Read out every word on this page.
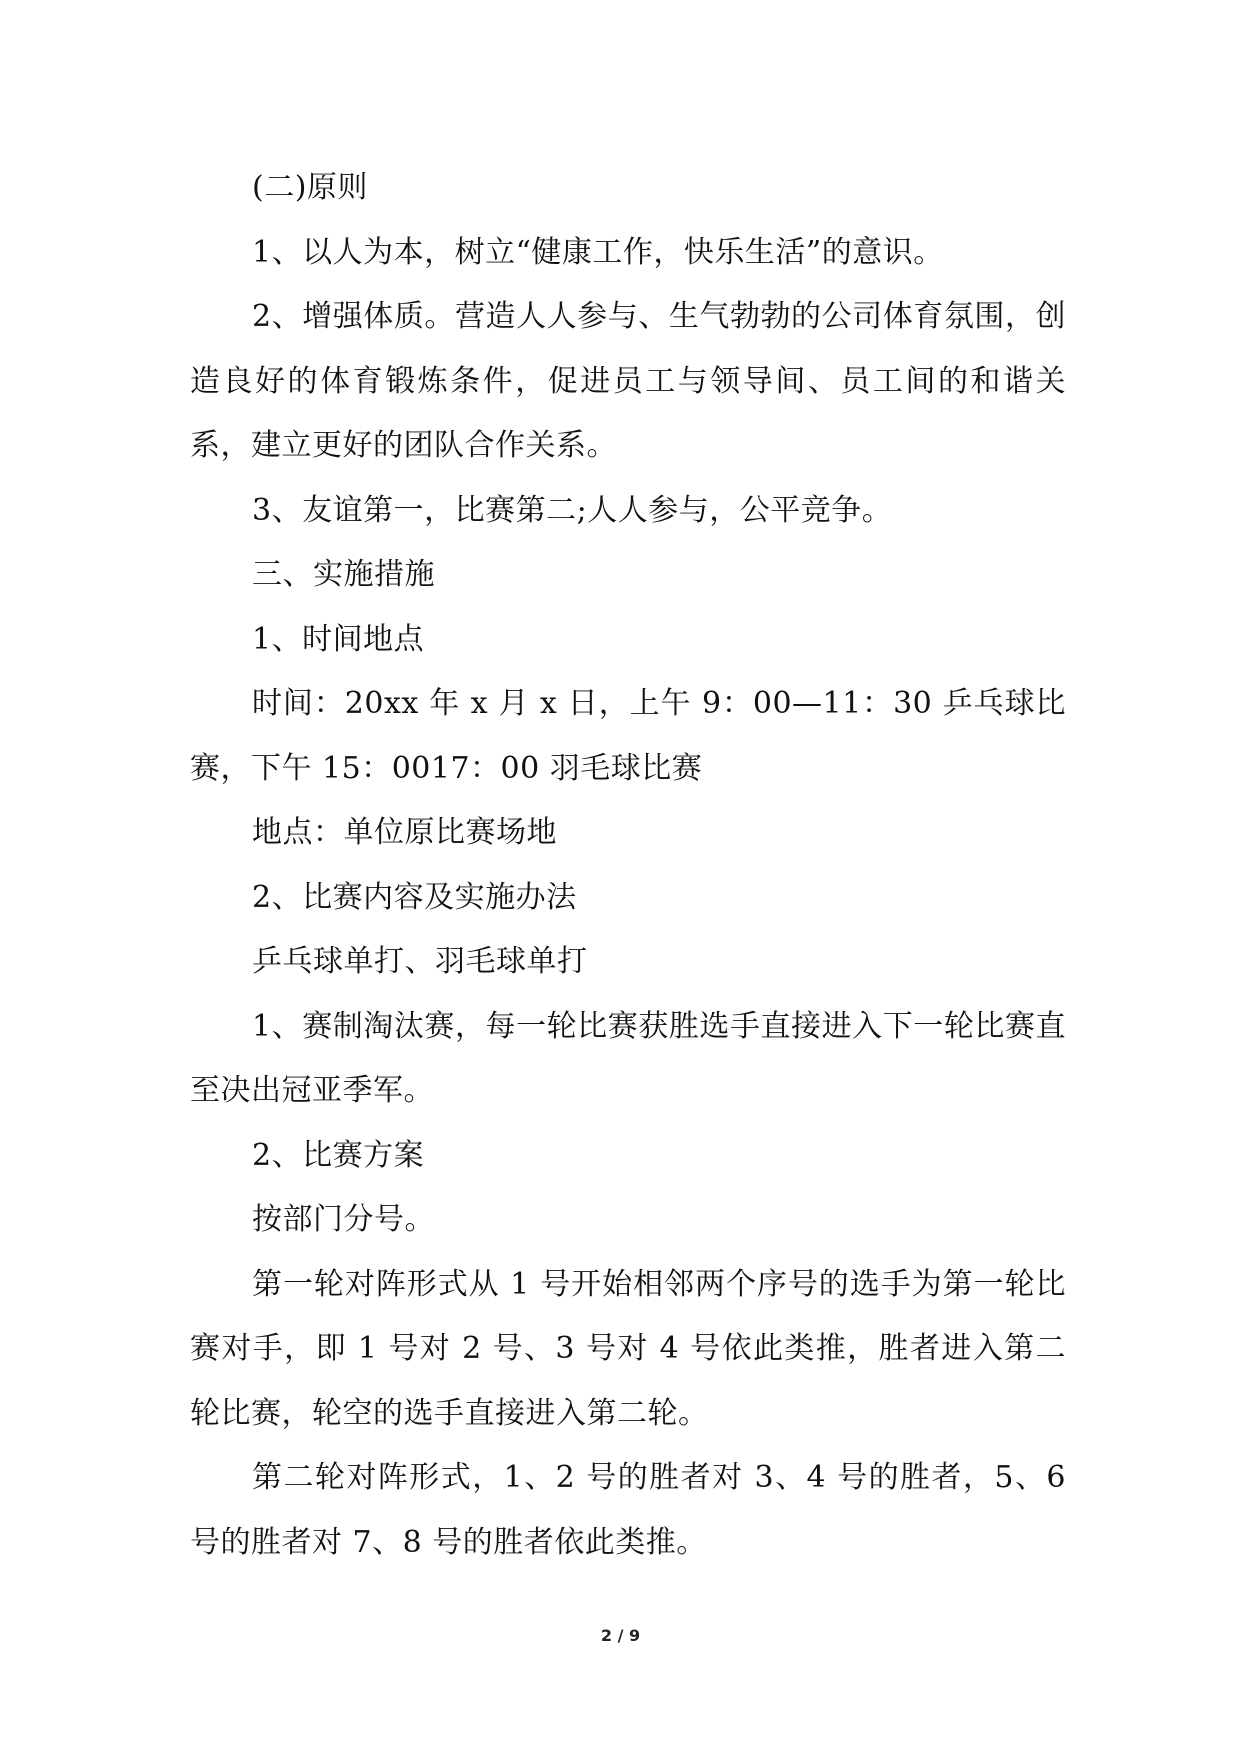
(二)原则

1、以人为本，树立“健康工作，快乐生活”的意识。

2、增强体质。营造人人参与、生气勃勃的公司体育氛围，创造良好的体育锻炼条件，促进员工与领导间、员工间的和谐关系，建立更好的团队合作关系。

3、友谊第一，比赛第二;人人参与，公平竞争。

三、实施措施

1、时间地点

时间：20xx 年 x 月 x 日，上午 9：00—11：30 乒乓球比赛，下午 15：0017：00 羽毛球比赛

地点：单位原比赛场地

2、比赛内容及实施办法

乒乓球单打、羽毛球单打

1、赛制淘汰赛，每一轮比赛获胜选手直接进入下一轮比赛直至决出冠亚季军。

2、比赛方案

按部门分号。

第一轮对阵形式从 1 号开始相邻两个序号的选手为第一轮比赛对手，即 1 号对 2 号、3 号对 4 号依此类推，胜者进入第二轮比赛，轮空的选手直接进入第二轮。

第二轮对阵形式，1、2 号的胜者对 3、4 号的胜者，5、6 号的胜者对 7、8 号的胜者依此类推。

2 / 9
